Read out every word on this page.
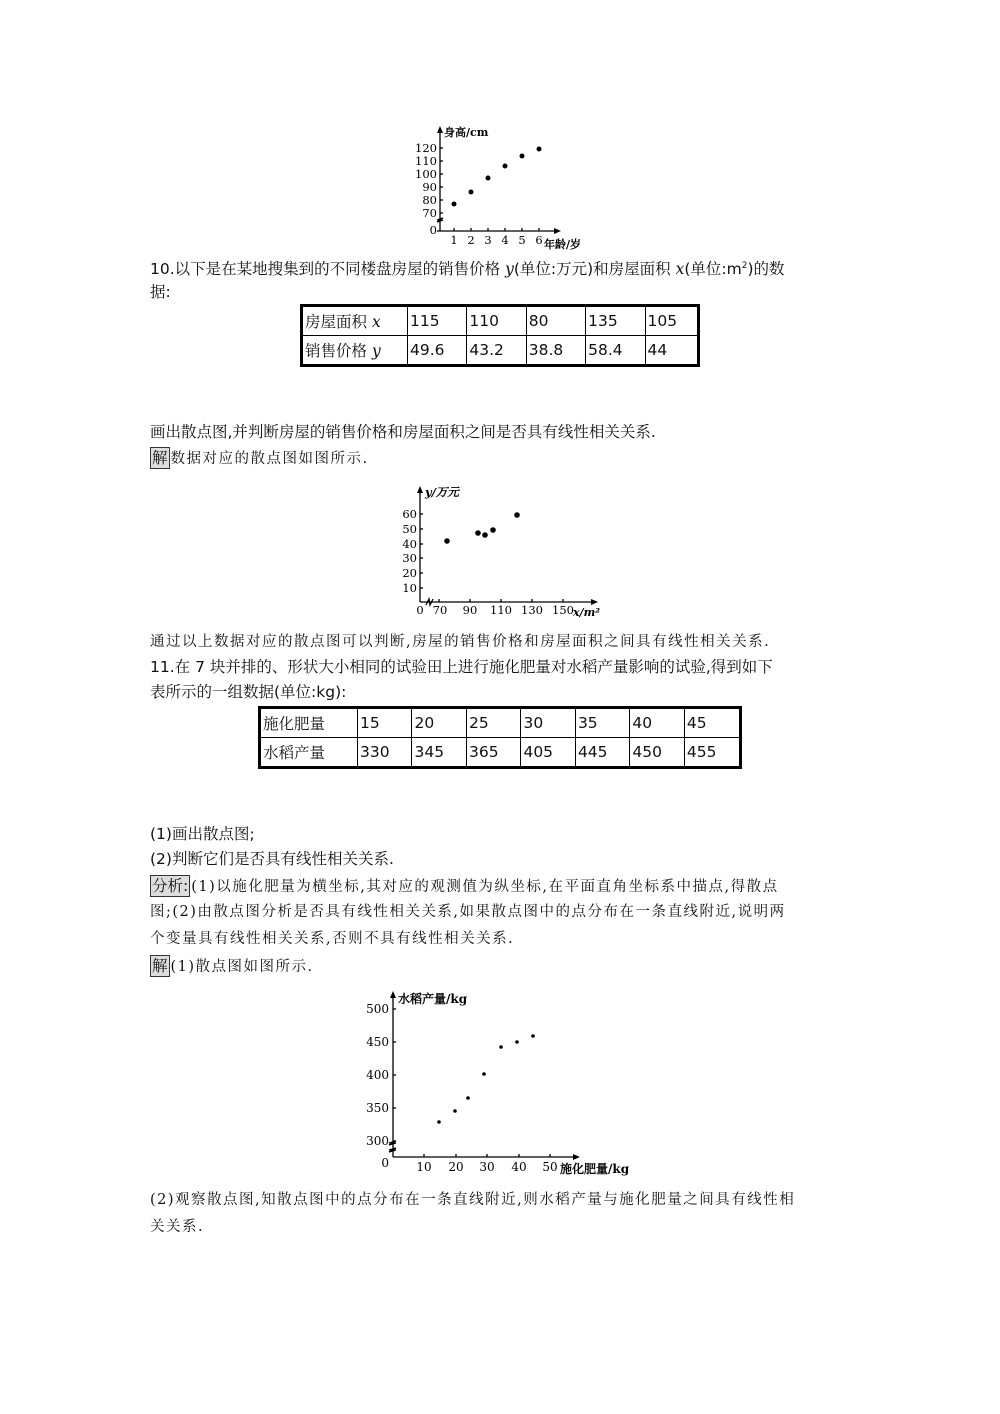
120
110
100
90
80
70
0
1 2 3 4 5 6
身高/cm
年龄/岁
10.以下是在某地搜集到的不同楼盘房屋的销售价格 y(单位:万元)和房屋面积 x(单位$:m^2$)的数
据:
房屋面积 x	115	110	80	135	105
销售价格 y	49.6	43.2	38.8	58.4	44
画出散点图,并判断房屋的销售价格和房屋面积之间是否具有线性相关关系.
解 数据对应的散点图如图所示.
60
50
40
30
20
10
0 70 90 110 130 150
y/万元
x/m²
通过以上数据对应的散点图可以判断,房屋的销售价格和房屋面积之间具有线性相关关系.
11.在 7 块并排的、形状大小相同的试验田上进行施化肥量对水稻产量影响的试验,得到如下
表所示的一组数据(单位:kg):
施化肥量	15	20	25	30	35	40	45
水稻产量	330	345	365	405	445	450	455
(1)画出散点图;
(2)判断它们是否具有线性相关关系.
分析: (1)以施化肥量为横坐标,其对应的观测值为纵坐标,在平面直角坐标系中描点,得散点
图;(2)由散点图分析是否具有线性相关关系,如果散点图中的点分布在一条直线附近,说明两
个变量具有线性相关关系,否则不具有线性相关关系.
解 (1)散点图如图所示.
500
450
400
350
300
0 10 20 30 40 50
水稻产量/kg
施化肥量/kg
(2)观察散点图,知散点图中的点分布在一条直线附近,则水稻产量与施化肥量之间具有线性相
关关系.
